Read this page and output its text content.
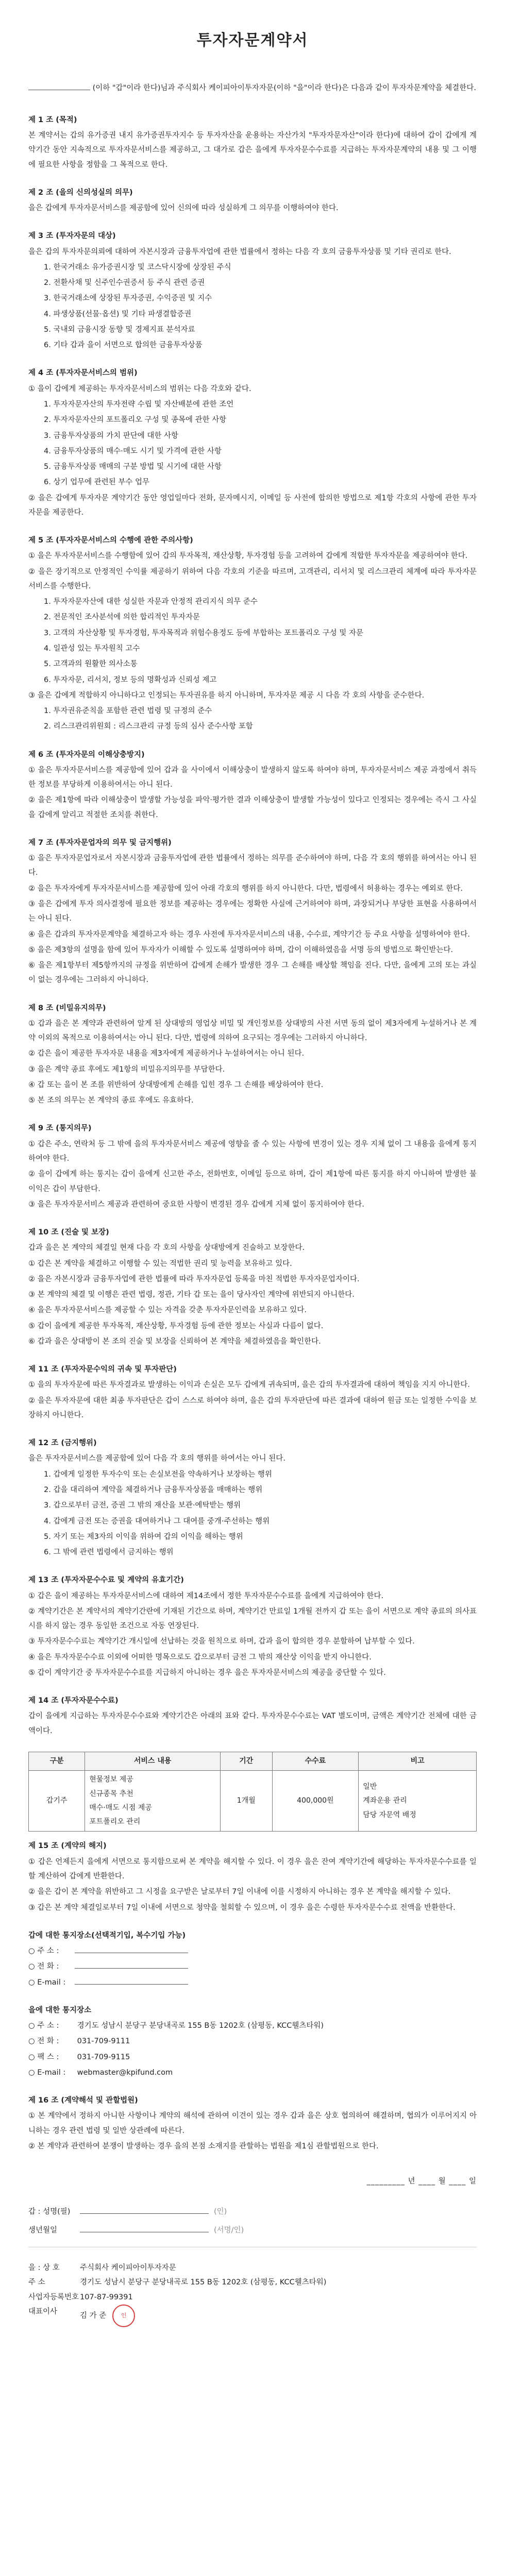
투자자문계약서
(이하 "갑"이라 한다)님과 주식회사 케이피아이투자자문(이하 "을"이라 한다)은 다음과 같이 투자자문계약을 체결한다.
제 1 조 (목적)
본 계약서는 갑의 유가증권 내지 유가증권투자지수 등 투자자산을 운용하는 자산가치 "투자자문자산"이라 한다)에 대하여 갑이 갑에게 계약기간 동안 지속적으로 투자자문서비스를 제공하고, 그 대가로 갑은 을에게 투자자문수수료를 지급하는 투자자문계약의 내용 및 그 이행에 필요한 사항을 정함을 그 목적으로 한다.
제 2 조 (을의 신의성실의 의무)
을은 갑에게 투자자문서비스를 제공함에 있어 신의에 따라 성실하게 그 의무를 이행하여야 한다.
제 3 조 (투자자문의 대상)
을은 갑의 투자자문의뢰에 대하여 자본시장과 금융투자업에 관한 법률에서 정하는 다음 각 호의 금융투자상품 및 기타 권리로 한다.
1. 한국거래소 유가증권시장 및 코스닥시장에 상장된 주식
2. 전환사채 및 신주인수권증서 등 주식 관련 증권
3. 한국거래소에 상장된 투자증권, 수익증권 및 지수
4. 파생상품(선물·옵션) 및 기타 파생결합증권
5. 국내외 금융시장 동향 및 경제지표 분석자료
6. 기타 갑과 을이 서면으로 합의한 금융투자상품
제 4 조 (투자자문서비스의 범위)
① 을이 갑에게 제공하는 투자자문서비스의 범위는 다음 각호와 같다.
1. 투자자문자산의 투자전략 수립 및 자산배분에 관한 조언
2. 투자자문자산의 포트폴리오 구성 및 종목에 관한 사항
3. 금융투자상품의 가치 판단에 대한 사항
4. 금융투자상품의 매수·매도 시기 및 가격에 관한 사항
5. 금융투자상품 매매의 구분 방법 및 시기에 대한 사항
6. 상기 업무에 관련된 부수 업무
② 을은 갑에게 투자자문 계약기간 동안 영업일마다 전화, 문자메시지, 이메일 등 사전에 합의한 방법으로 제1항 각호의 사항에 관한 투자자문을 제공한다.
제 5 조 (투자자문서비스의 수행에 관한 주의사항)
① 을은 투자자문서비스를 수행함에 있어 갑의 투자목적, 재산상황, 투자경험 등을 고려하여 갑에게 적합한 투자자문을 제공하여야 한다.
② 을은 장기적으로 안정적인 수익률 제공하기 위하여 다음 각호의 기준을 따르며, 고객관리, 리서치 및 리스크관리 체계에 따라 투자자문서비스를 수행한다.
1. 투자자문자산에 대한 성실한 자문과 안정적 관리지식 의무 준수
2. 전문적인 조사분석에 의한 합리적인 투자자문
3. 고객의 자산상황 및 투자경험, 투자목적과 위험수용정도 등에 부합하는 포트폴리오 구성 및 자문
4. 일관성 있는 투자원칙 고수
5. 고객과의 원활한 의사소통
6. 투자자문, 리서치, 정보 등의 명확성과 신뢰성 제고
③ 을은 갑에게 적합하지 아니하다고 인정되는 투자권유를 하지 아니하며, 투자자문 제공 시 다음 각 호의 사항을 준수한다.
1. 투자권유준칙을 포함한 관련 법령 및 규정의 준수
2. 리스크관리위원회 : 리스크관리 규정 등의 심사 준수사항 포함
제 6 조 (투자자문의 이해상충방지)
① 을은 투자자문서비스를 제공함에 있어 갑과 을 사이에서 이해상충이 발생하지 않도록 하여야 하며, 투자자문서비스 제공 과정에서 취득한 정보를 부당하게 이용하여서는 아니 된다.
② 을은 제1항에 따라 이해상충이 발생할 가능성을 파악·평가한 결과 이해상충이 발생할 가능성이 있다고 인정되는 경우에는 즉시 그 사실을 갑에게 알리고 적절한 조치를 취한다.
제 7 조 (투자자문업자의 의무 및 금지행위)
① 을은 투자자문업자로서 자본시장과 금융투자업에 관한 법률에서 정하는 의무를 준수하여야 하며, 다음 각 호의 행위를 하여서는 아니 된다.
② 을은 투자자에게 투자자문서비스를 제공함에 있어 아래 각호의 행위를 하지 아니한다. 다만, 법령에서 허용하는 경우는 예외로 한다.
③ 을은 갑에게 투자 의사결정에 필요한 정보를 제공하는 경우에는 정확한 사실에 근거하여야 하며, 과장되거나 부당한 표현을 사용하여서는 아니 된다.
④ 을은 갑과의 투자자문계약을 체결하고자 하는 경우 사전에 투자자문서비스의 내용, 수수료, 계약기간 등 주요 사항을 설명하여야 한다.
⑤ 을은 제3항의 설명을 함에 있어 투자자가 이해할 수 있도록 설명하여야 하며, 갑이 이해하였음을 서명 등의 방법으로 확인받는다.
⑥ 을은 제1항부터 제5항까지의 규정을 위반하여 갑에게 손해가 발생한 경우 그 손해를 배상할 책임을 진다. 다만, 을에게 고의 또는 과실이 없는 경우에는 그러하지 아니하다.
제 8 조 (비밀유지의무)
① 갑과 을은 본 계약과 관련하여 알게 된 상대방의 영업상 비밀 및 개인정보를 상대방의 사전 서면 동의 없이 제3자에게 누설하거나 본 계약 이외의 목적으로 이용하여서는 아니 된다. 다만, 법령에 의하여 요구되는 경우에는 그러하지 아니하다.
② 갑은 을이 제공한 투자자문 내용을 제3자에게 제공하거나 누설하여서는 아니 된다.
③ 을은 계약 종료 후에도 제1항의 비밀유지의무를 부담한다.
④ 갑 또는 을이 본 조를 위반하여 상대방에게 손해를 입힌 경우 그 손해를 배상하여야 한다.
⑤ 본 조의 의무는 본 계약의 종료 후에도 유효하다.
제 9 조 (통지의무)
① 갑은 주소, 연락처 등 그 밖에 을의 투자자문서비스 제공에 영향을 줄 수 있는 사항에 변경이 있는 경우 지체 없이 그 내용을 을에게 통지하여야 한다.
② 을이 갑에게 하는 통지는 갑이 을에게 신고한 주소, 전화번호, 이메일 등으로 하며, 갑이 제1항에 따른 통지를 하지 아니하여 발생한 불이익은 갑이 부담한다.
③ 을은 투자자문서비스 제공과 관련하여 중요한 사항이 변경된 경우 갑에게 지체 없이 통지하여야 한다.
제 10 조 (진술 및 보장)
갑과 을은 본 계약의 체결일 현재 다음 각 호의 사항을 상대방에게 진술하고 보장한다.
① 갑은 본 계약을 체결하고 이행할 수 있는 적법한 권리 및 능력을 보유하고 있다.
② 을은 자본시장과 금융투자업에 관한 법률에 따라 투자자문업 등록을 마친 적법한 투자자문업자이다.
③ 본 계약의 체결 및 이행은 관련 법령, 정관, 기타 갑 또는 을이 당사자인 계약에 위반되지 아니한다.
④ 을은 투자자문서비스를 제공할 수 있는 자격을 갖춘 투자자문인력을 보유하고 있다.
⑤ 갑이 을에게 제공한 투자목적, 재산상황, 투자경험 등에 관한 정보는 사실과 다름이 없다.
⑥ 갑과 을은 상대방이 본 조의 진술 및 보장을 신뢰하여 본 계약을 체결하였음을 확인한다.
제 11 조 (투자자문수익의 귀속 및 투자판단)
① 을의 투자자문에 따른 투자결과로 발생하는 이익과 손실은 모두 갑에게 귀속되며, 을은 갑의 투자결과에 대하여 책임을 지지 아니한다.
② 을은 투자자문에 대한 최종 투자판단은 갑이 스스로 하여야 하며, 을은 갑의 투자판단에 따른 결과에 대하여 원금 또는 일정한 수익을 보장하지 아니한다.
제 12 조 (금지행위)
을은 투자자문서비스를 제공함에 있어 다음 각 호의 행위를 하여서는 아니 된다.
1. 갑에게 일정한 투자수익 또는 손실보전을 약속하거나 보장하는 행위
2. 갑을 대리하여 계약을 체결하거나 금융투자상품을 매매하는 행위
3. 갑으로부터 금전, 증권 그 밖의 재산을 보관·예탁받는 행위
4. 갑에게 금전 또는 증권을 대여하거나 그 대여를 중개·주선하는 행위
5. 자기 또는 제3자의 이익을 위하여 갑의 이익을 해하는 행위
6. 그 밖에 관련 법령에서 금지하는 행위
제 13 조 (투자자문수수료 및 계약의 유효기간)
① 갑은 을이 제공하는 투자자문서비스에 대하여 제14조에서 정한 투자자문수수료를 을에게 지급하여야 한다.
② 계약기간은 본 계약서의 계약기간란에 기재된 기간으로 하며, 계약기간 만료일 1개월 전까지 갑 또는 을이 서면으로 계약 종료의 의사표시를 하지 않는 경우 동일한 조건으로 자동 연장된다.
③ 투자자문수수료는 계약기간 개시일에 선납하는 것을 원칙으로 하며, 갑과 을이 합의한 경우 분할하여 납부할 수 있다.
④ 을은 투자자문수수료 이외에 어떠한 명목으로도 갑으로부터 금전 그 밖의 재산상 이익을 받지 아니한다.
⑤ 갑이 계약기간 중 투자자문수수료를 지급하지 아니하는 경우 을은 투자자문서비스의 제공을 중단할 수 있다.
제 14 조 (투자자문수수료)
갑이 을에게 지급하는 투자자문수수료와 계약기간은 아래의 표와 같다. 투자자문수수료는 VAT 별도이며, 금액은 계약기간 전체에 대한 금액이다.
구분	서비스 내용	기간	수수료	비고
갑기주	현물정보 제공
신규종목 추천
매수·매도 시점 제공
포트폴리오 관리	1개월	400,000원	일반
계좌운용 관리
담당 자문역 배정
제 15 조 (계약의 해지)
① 갑은 언제든지 을에게 서면으로 통지함으로써 본 계약을 해지할 수 있다. 이 경우 을은 잔여 계약기간에 해당하는 투자자문수수료를 일할 계산하여 갑에게 반환한다.
② 을은 갑이 본 계약을 위반하고 그 시정을 요구받은 날로부터 7일 이내에 이를 시정하지 아니하는 경우 본 계약을 해지할 수 있다.
③ 갑은 본 계약 체결일로부터 7일 이내에 서면으로 청약을 철회할 수 있으며, 이 경우 을은 수령한 투자자문수수료 전액을 반환한다.
갑에 대한 통지장소(선택적기입, 복수기입 가능)
○ 주 소 :
○ 전 화 :
○ E-mail :
을에 대한 통지장소
○ 주 소 : 경기도 성남시 분당구 분당내곡로 155 B동 1202호 (삼평동, KCC웰츠타워)
○ 전 화 : 031-709-9111
○ 팩 스 : 031-709-9115
○ E-mail : webmaster@kpifund.com
제 16 조 (계약해석 및 관할법원)
① 본 계약에서 정하지 아니한 사항이나 계약의 해석에 관하여 이견이 있는 경우 갑과 을은 상호 협의하여 해결하며, 협의가 이루어지지 아니하는 경우 관련 법령 및 일반 상관례에 따른다.
② 본 계약과 관련하여 분쟁이 발생하는 경우 을의 본점 소재지를 관할하는 법원을 제1심 관할법원으로 한다.
_________ 년 ____ 월 ____ 일
갑 : 성명(필)	(인)
생년월일	(서명/인)
을 : 상 호	주식회사 케이피아이투자자문
주 소	경기도 성남시 분당구 분당내곡로 155 B동 1202호 (삼평동, KCC웰츠타워)
사업자등록번호 107-87-99391
대표이사	김 가 준	인
